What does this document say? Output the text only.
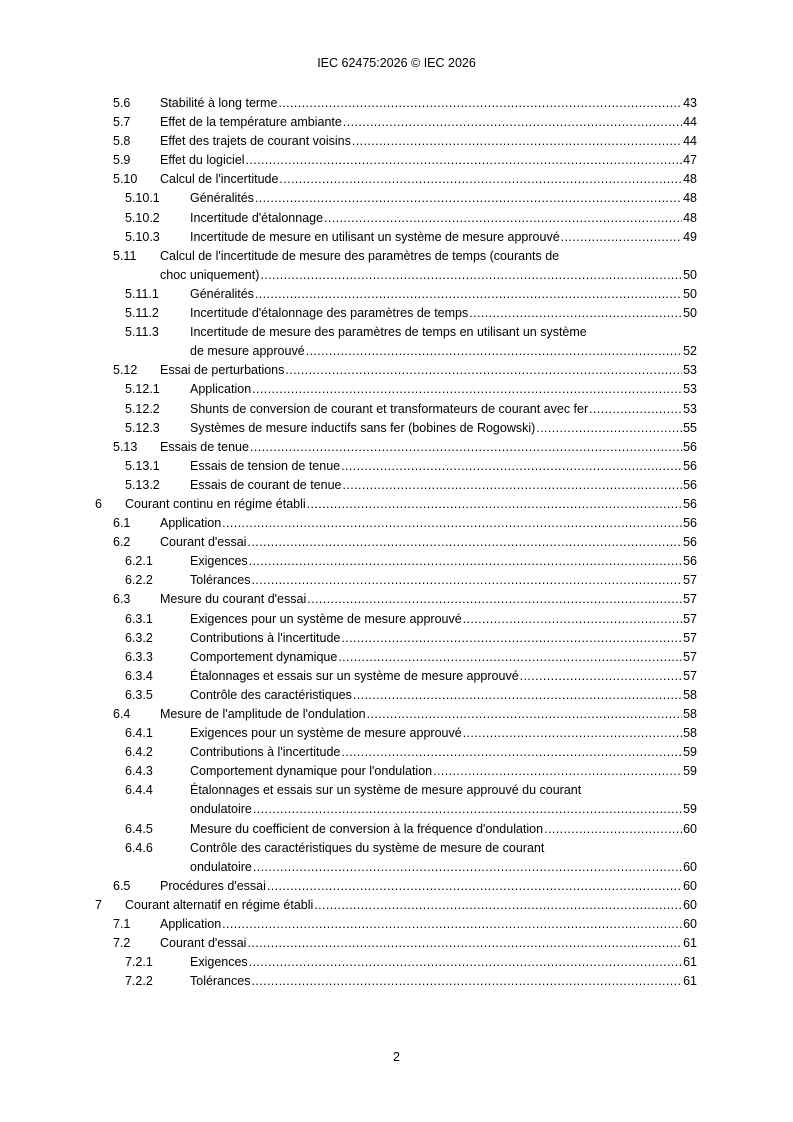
IEC 62475:2026 © IEC 2026
5.6 Stabilité à long terme .....	43
5.7 Effet de la température ambiante .....	44
5.8 Effet des trajets de courant voisins .....	44
5.9 Effet du logiciel .....	47
5.10 Calcul de l'incertitude .....	48
5.10.1 Généralités .....	48
5.10.2 Incertitude d'étalonnage .....	48
5.10.3 Incertitude de mesure en utilisant un système de mesure approuvé .....	49
5.11 Calcul de l'incertitude de mesure des paramètres de temps (courants de
choc uniquement) .....	50
5.11.1 Généralités .....	50
5.11.2 Incertitude d'étalonnage des paramètres de temps .....	50
5.11.3 Incertitude de mesure des paramètres de temps en utilisant un système
de mesure approuvé .....	52
5.12 Essai de perturbations .....	53
5.12.1 Application .....	53
5.12.2 Shunts de conversion de courant et transformateurs de courant avec fer .....	53
5.12.3 Systèmes de mesure inductifs sans fer (bobines de Rogowski) .....	55
5.13 Essais de tenue .....	56
5.13.1 Essais de tension de tenue .....	56
5.13.2 Essais de courant de tenue .....	56
6 Courant continu en régime établi .....	56
6.1 Application .....	56
6.2 Courant d'essai .....	56
6.2.1	Exigences .....	56
6.2.2	Tolérances .....	57
6.3 Mesure du courant d'essai .....	57
6.3.1	Exigences pour un système de mesure approuvé .....	57
6.3.2	Contributions à l'incertitude .....	57
6.3.3	Comportement dynamique .....	57
6.3.4	Étalonnages et essais sur un système de mesure approuvé .....	57
6.3.5	Contrôle des caractéristiques .....	58
6.4 Mesure de l'amplitude de l'ondulation .....	58
6.4.1	Exigences pour un système de mesure approuvé .....	58
6.4.2	Contributions à l'incertitude .....	59
6.4.3	Comportement dynamique pour l'ondulation .....	59
6.4.4	Étalonnages et essais sur un système de mesure approuvé du courant
ondulatoire .....	59
6.4.5	Mesure du coefficient de conversion à la fréquence d'ondulation .....	60
6.4.6	Contrôle des caractéristiques du système de mesure de courant
ondulatoire .....	60
6.5 Procédures d'essai .....	60
7 Courant alternatif en régime établi .....	60
7.1 Application .....	60
7.2 Courant d'essai .....	61
7.2.1	Exigences .....	61
7.2.2	Tolérances .....	61
2
